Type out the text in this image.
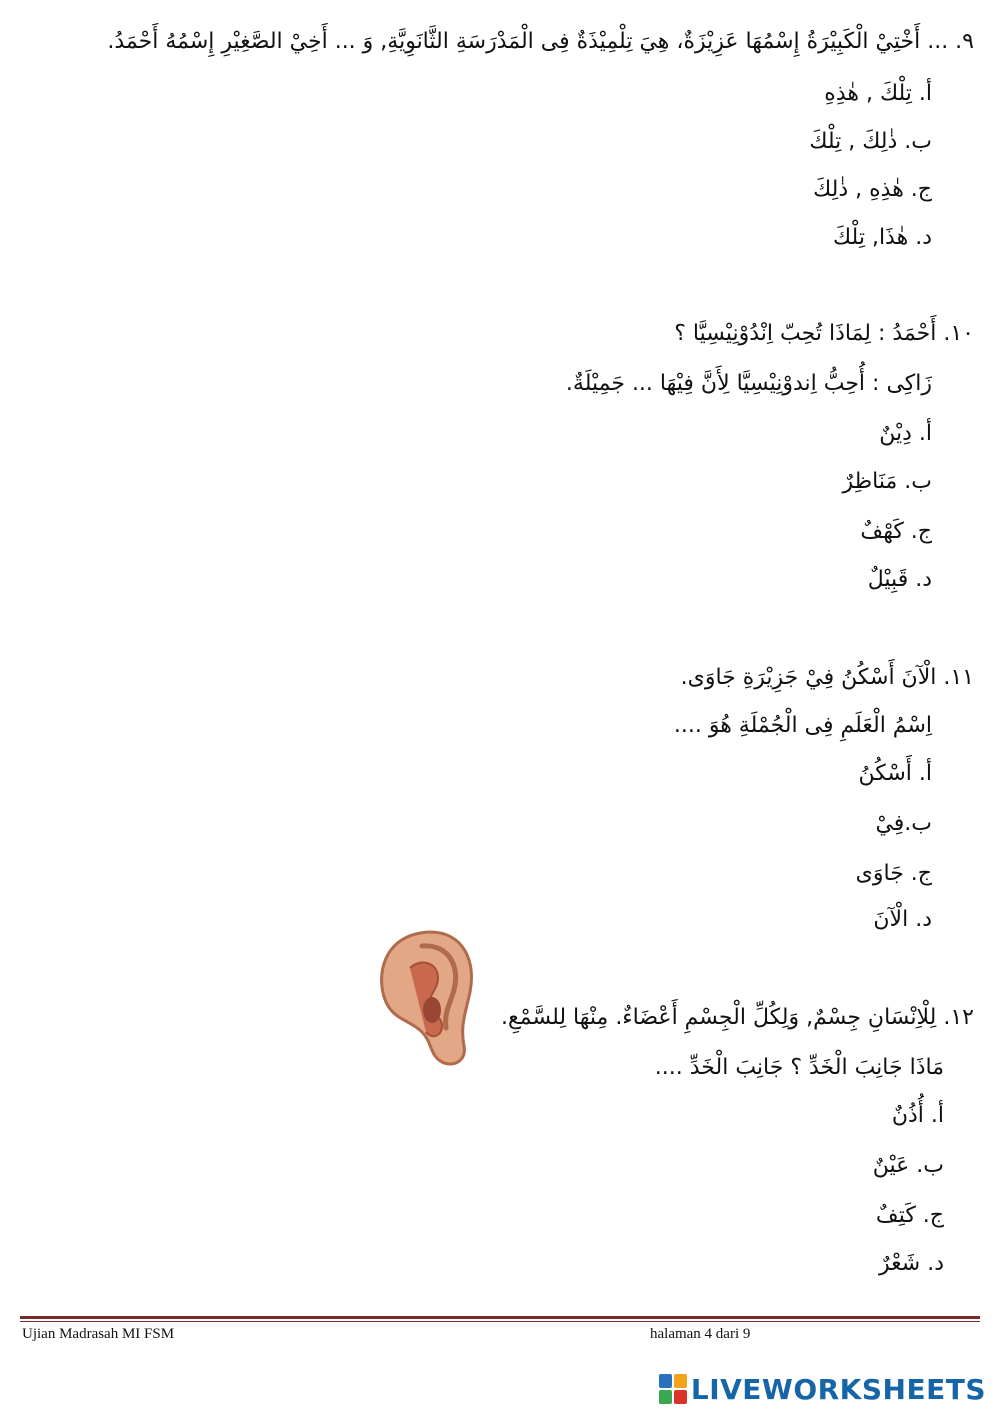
٩. ... أَخْتِيْ الْكَبِيْرَةُ إِسْمُهَا عَزِيْزَةٌ، هِيَ تِلْمِيْذَةٌ فِى الْمَدْرَسَةِ الثَّانَوِيَّةِ, وَ ... أَخِيْ الصَّغِيْرِ إِسْمُهُ أَحْمَدُ.
أ. تِلْكَ , هٰذِهِ
ب. ذٰلِكَ , تِلْكَ
ج. هٰذِهِ , ذٰلِكَ
د. هٰذَا, تِلْكَ
١٠. أَحْمَدُ : لِمَاذَا تُحِبّ اِنْدُوْنِيْسِيَّا ؟
زَاكِى : أُحِبُّ اِندوْنِيْسِيَّا لِأَنَّ فِيْهَا ... جَمِيْلَةٌ.
أ. دِيْنٌ
ب. مَنَاظِرٌ
ج. كَهْفٌ
د. قَبِيْلٌ
١١. الْآنَ أَسْكُنُ فِيْ جَزِيْرَةِ جَاوَى.
اِسْمُ الْعَلَمِ فِى الْجُمْلَةِ هُوَ ....
أ. أَسْكُنُ
ب.فِيْ
ج. جَاوَى
د. الْآنَ
١٢. لِلْاِنْسَانِ جِسْمٌ, وَلِكُلِّ الْجِسْمِ أَعْضَاءٌ. مِنْهَا لِلسَّمْعِ.
مَاذَا جَانِبَ الْخَدِّ ؟ جَانِبَ الْخَدِّ ....
أ. أُذُنٌ
ب. عَيْنٌ
ج. كَتِفٌ
د. شَعْرٌ
Ujian Madrasah MI FSM	halaman 4 dari 9
LIVEWORKSHEETS
